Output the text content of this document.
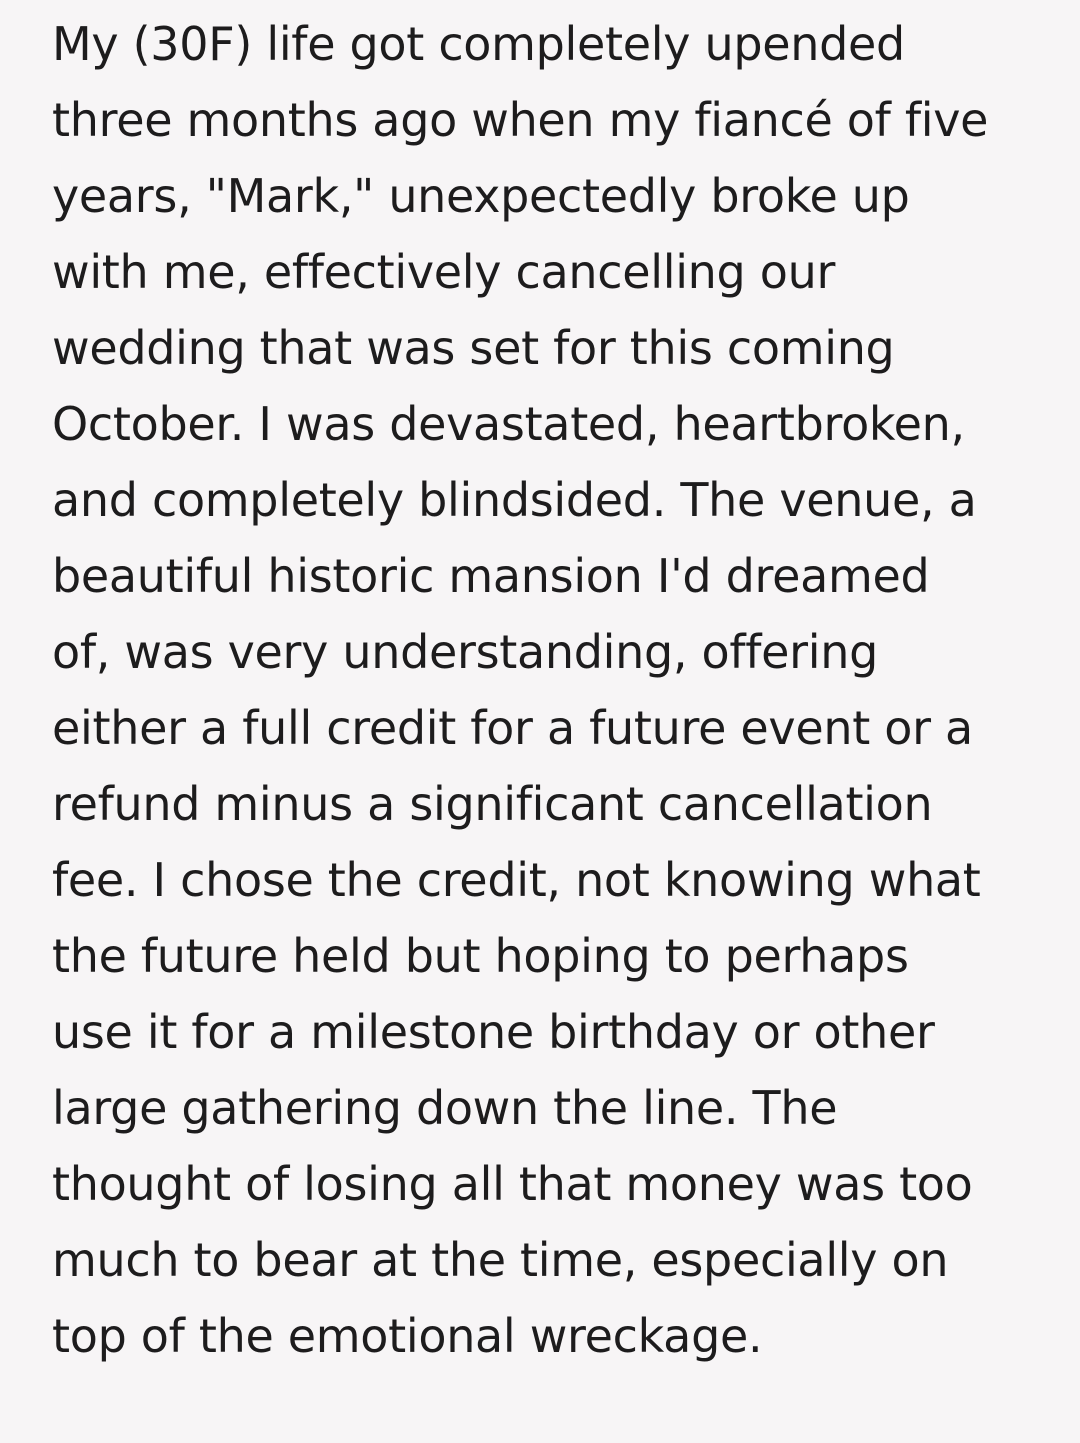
My (30F) life got completely upended
three months ago when my fiancé of five
years, "Mark," unexpectedly broke up
with me, effectively cancelling our
wedding that was set for this coming
October. I was devastated, heartbroken,
and completely blindsided. The venue, a
beautiful historic mansion I'd dreamed
of, was very understanding, offering
either a full credit for a future event or a
refund minus a significant cancellation
fee. I chose the credit, not knowing what
the future held but hoping to perhaps
use it for a milestone birthday or other
large gathering down the line. The
thought of losing all that money was too
much to bear at the time, especially on
top of the emotional wreckage.
